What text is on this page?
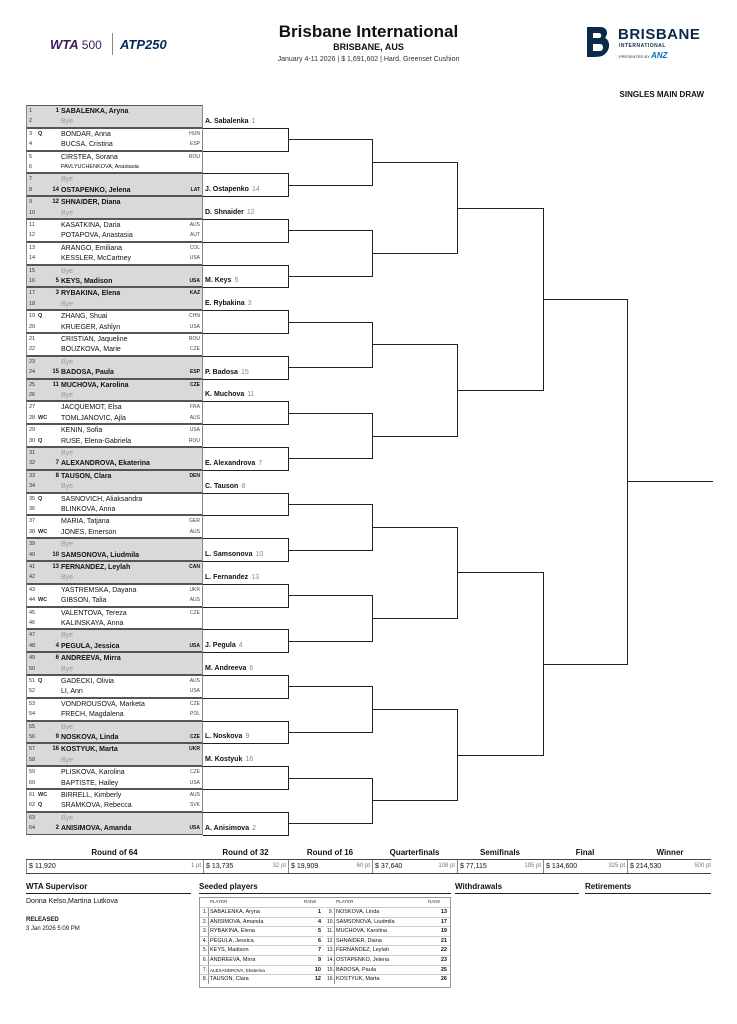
WTA 500 ATP250
Brisbane International
BRISBANE, AUS
January 4-11 2026 | $ 1,691,602 | Hard, Greenset Cushion
BRISBANE
INTERNATIONAL
PRESENTED BY ANZ
SINGLES MAIN DRAW
1	1 SABALENKA, Aryna
2	Bye
3 Q	BONDAR, Anna	HUN
4	BUCSA, Cristina	ESP
5	CIRSTEA, Sorana	ROU
6	PAVLYUCHENKOVA, Anastasia
7	Bye
8	14 OSTAPENKO, Jelena	LAT
9	12 SHNAIDER, Diana
10	Bye
11	KASATKINA, Daria	AUS
12	POTAPOVA, Anastasia	AUT
13	ARANGO, Emiliana	COL
14	KESSLER, McCartney	USA
15	Bye
16	5 KEYS, Madison	USA
17	3 RYBAKINA, Elena	KAZ
18	Bye
19 Q	ZHANG, Shuai	CHN
20	KRUEGER, Ashlyn	USA
21	CRISTIAN, Jaqueline	ROU
22	BOUZKOVA, Marie	CZE
23	Bye
24	15 BADOSA, Paula	ESP
25	11 MUCHOVA, Karolina	CZE
26	Bye
27	JACQUEMOT, Elsa	FRA
28 WC TOMLJANOVIC, Ajla	AUS
29	KENIN, Sofia	USA
30 Q	RUSE, Elena-Gabriela	ROU
31	Bye
32	7 ALEXANDROVA, Ekaterina
33	8 TAUSON, Clara	DEN
34	Bye
35 Q	SASNOVICH, Aliaksandra
36	BLINKOVA, Anna
37	MARIA, Tatjana	GER
38 WC JONES, Emerson	AUS
39	Bye
40	10 SAMSONOVA, Liudmila
41	13 FERNANDEZ, Leylah	CAN
42	Bye
43	YASTREMSKA, Dayana	UKR
44 WC GIBSON, Talia	AUS
45	VALENTOVA, Tereza	CZE
46	KALINSKAYA, Anna
47	Bye
48	4 PEGULA, Jessica	USA
49	6 ANDREEVA, Mirra
50	Bye
51 Q	GADECKI, Olivia	AUS
52	LI, Ann	USA
53	VONDROUSOVA, Marketa	CZE
54	FRECH, Magdalena	POL
55	Bye
56	9 NOSKOVA, Linda	CZE
57	16 KOSTYUK, Marta	UKR
58	Bye
59	PLISKOVA, Karolina	CZE
60	BAPTISTE, Hailey	USA
61 WC BIRRELL, Kimberly	AUS
62 Q	SRAMKOVA, Rebecca	SVK
63	Bye
64	2 ANISIMOVA, Amanda	USA
A. Sabalenka 1
J. Ostapenko 14
D. Shnaider 12
M. Keys 5
E. Rybakina 3
P. Badosa 15
K. Muchova 11
E. Alexandrova 7
C. Tauson 8
L. Samsonova 10
L. Fernandez 13
J. Pegula 4
M. Andreeva 6
L. Noskova 9
M. Kostyuk 16
A. Anisimova 2
Round of 64
$ 11,920	1 pt
Round of 32
$ 13,735	32 pt
Round of 16
$ 19,909	60 pt
Quarterfinals
$ 37,640	108 pt
Semifinals
$ 77,115	195 pt
Final
$ 134,600	325 pt
Winner
$ 214,530	500 pt
WTA Supervisor
Donna Kelso,Martina Lutkova
RELEASED
3 Jan 2026 5:09 PM
Seeded players	Withdrawals	Retirements
PLAYER	RANK	PLAYER	RANK
1. SABALENKA, Aryna	1
2. ANISIMOVA, Amanda	4
3. RYBAKINA, Elena	5
4. PEGULA, Jessica	6
5. KEYS, Madison	7
6. ANDREEVA, Mirra	9
7. ALEXANDROVA, Ekaterina	10
8. TAUSON, Clara	12
9. NOSKOVA, Linda	13
10. SAMSONOVA, Liudmila	17
11. MUCHOVA, Karolina	19
12. SHNAIDER, Diana	21
13. FERNANDEZ, Leylah	22
14. OSTAPENKO, Jelena	23
15. BADOSA, Paula	25
16. KOSTYUK, Marta	26
